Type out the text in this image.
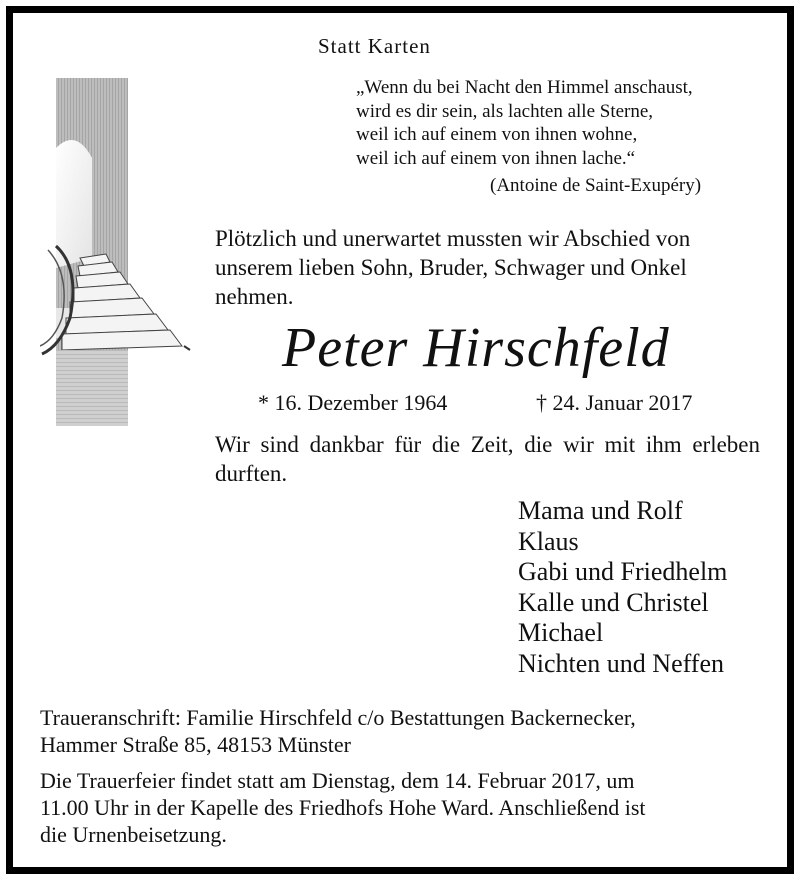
Statt Karten
„Wenn du bei Nacht den Himmel anschaust,
wird es dir sein, als lachten alle Sterne,
weil ich auf einem von ihnen wohne,
weil ich auf einem von ihnen lache.“
(Antoine de Saint-Exupéry)
Plötzlich und unerwartet mussten wir Abschied von
unserem lieben Sohn, Bruder, Schwager und Onkel
nehmen.
Peter Hirschfeld
* 16. Dezember 1964	† 24. Januar 2017
Wir sind dankbar für die Zeit, die wir mit ihm erleben durften.
Mama und Rolf
Klaus
Gabi und Friedhelm
Kalle und Christel
Michael
Nichten und Neffen
Traueranschrift: Familie Hirschfeld c/o Bestattungen Backernecker,
Hammer Straße 85, 48153 Münster
Die Trauerfeier findet statt am Dienstag, dem 14. Februar 2017, um
11.00 Uhr in der Kapelle des Friedhofs Hohe Ward. Anschließend ist
die Urnenbeisetzung.
